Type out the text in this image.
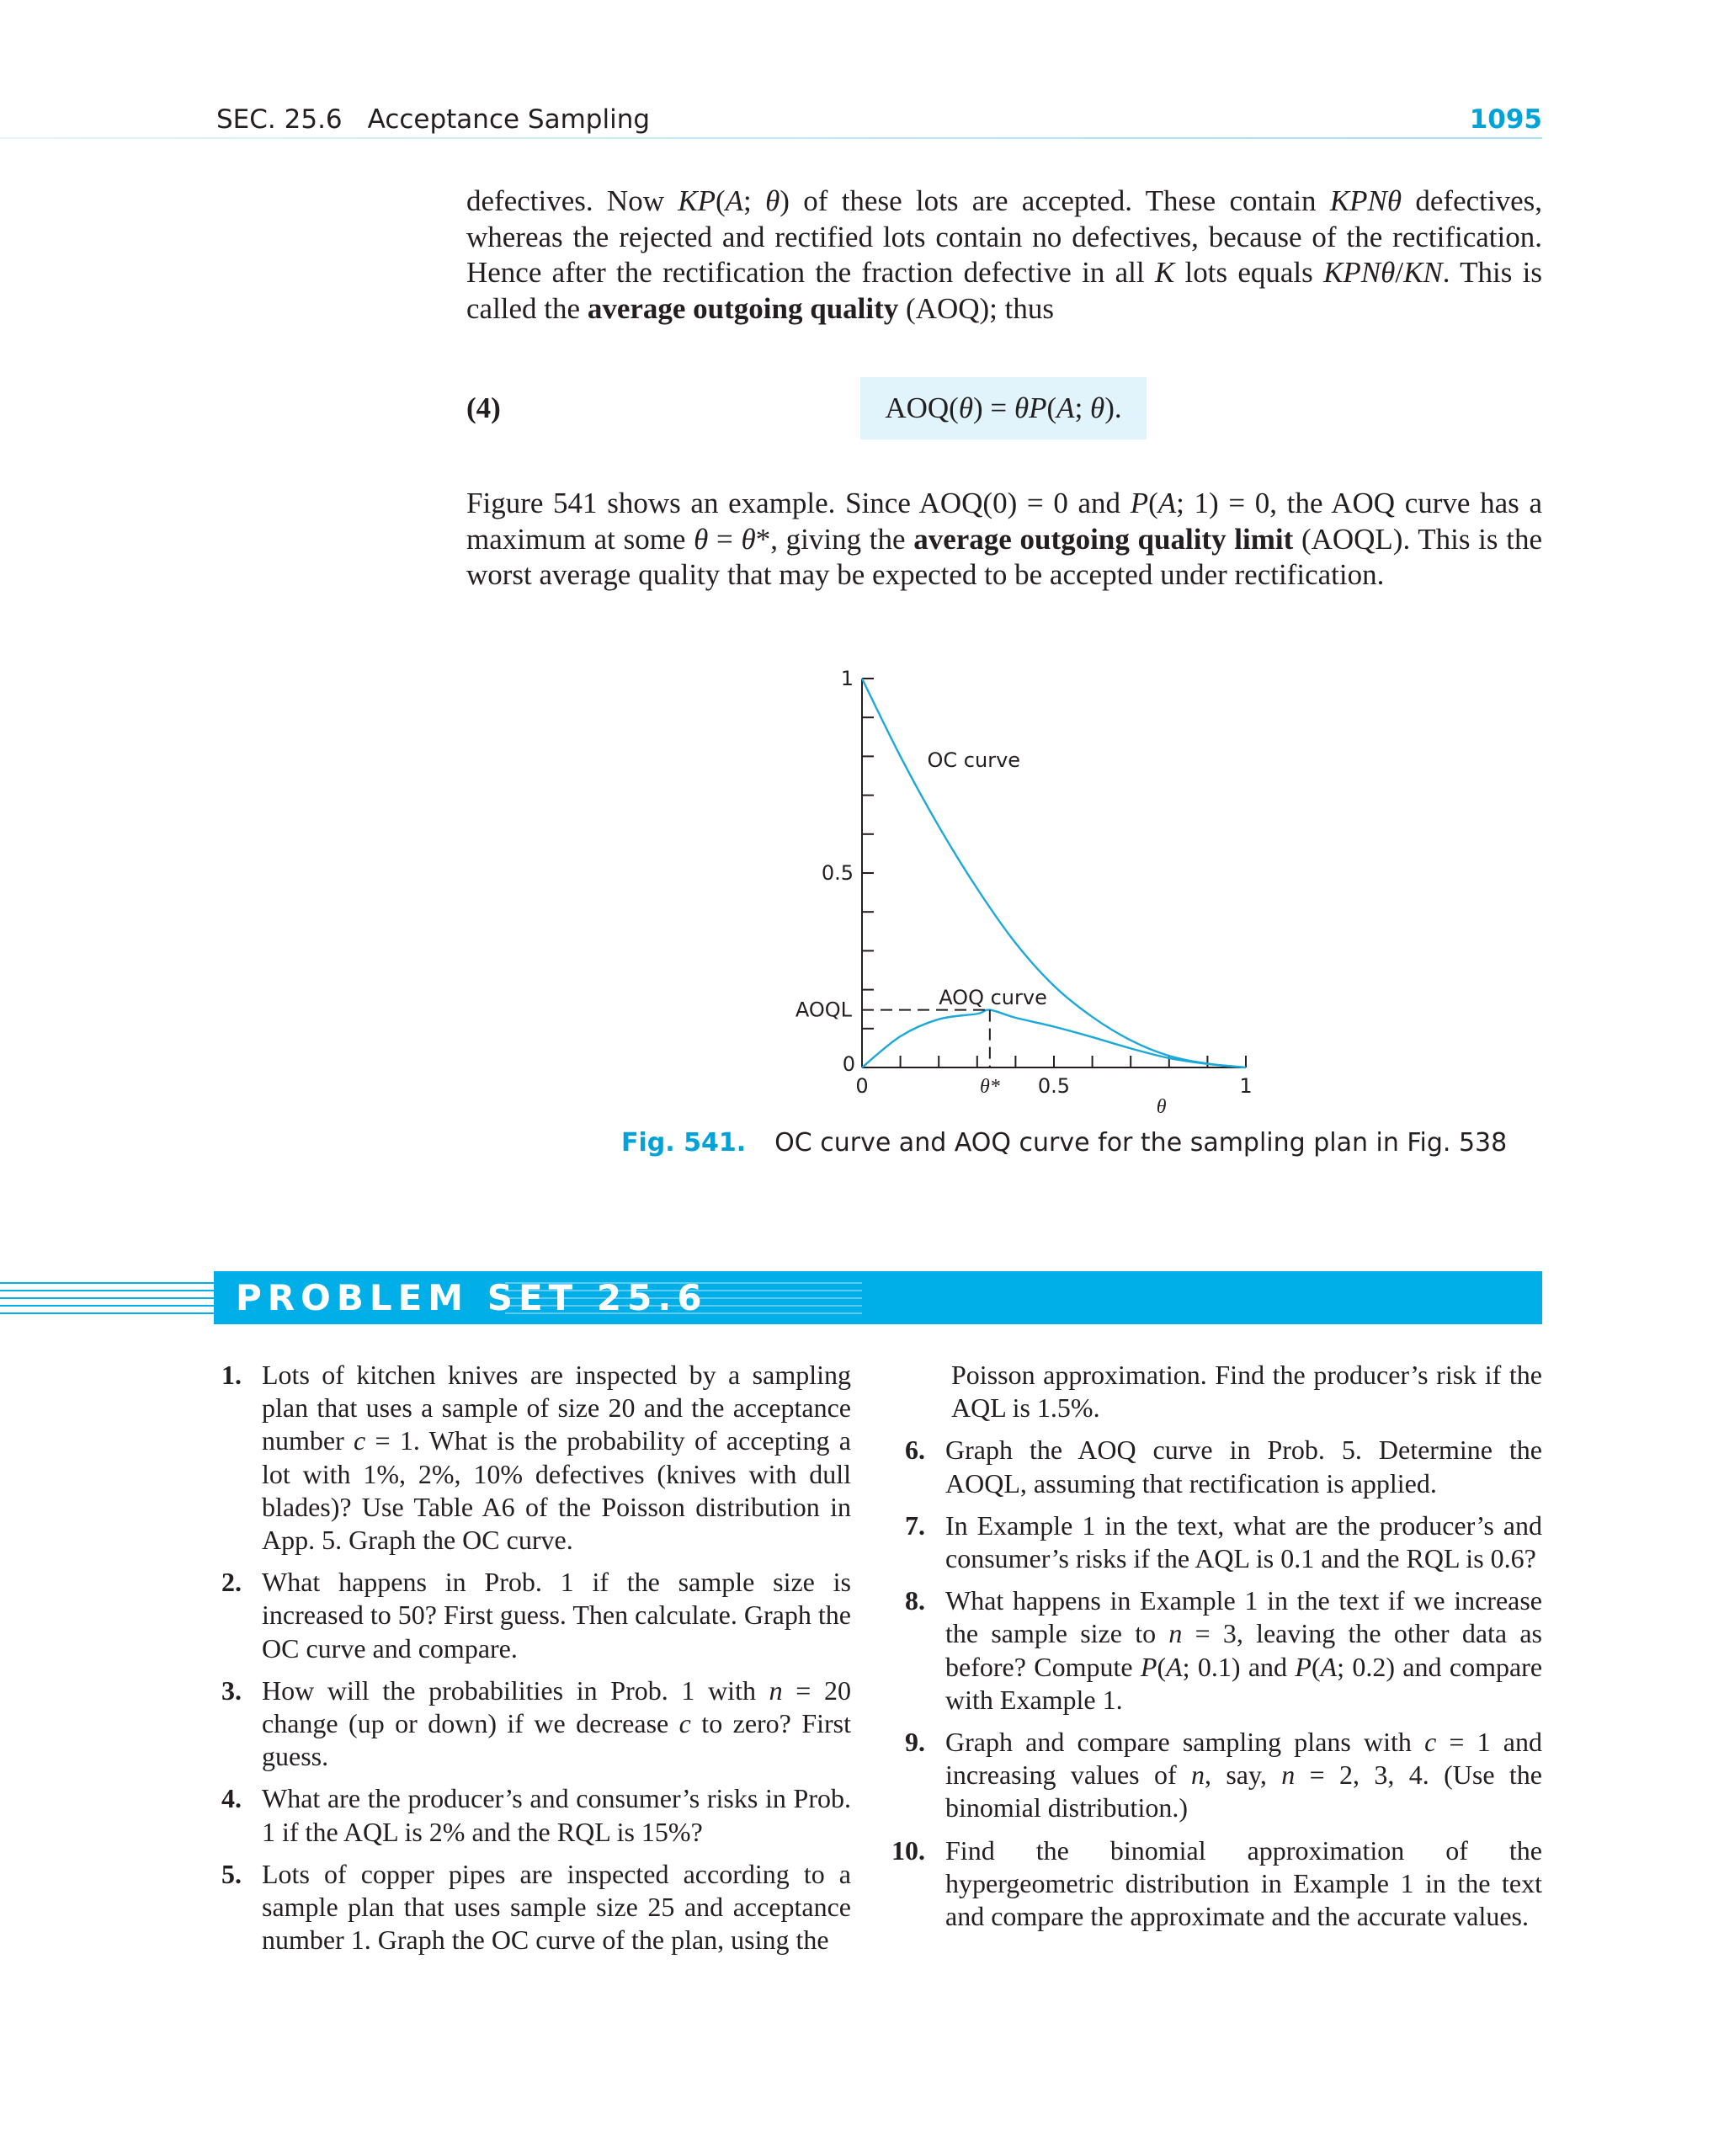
SEC. 25.6 Acceptance Sampling	1095

defectives. Now KP(A; θ) of these lots are accepted. These contain KPNθ defectives, whereas the rejected and rectified lots contain no defectives, because of the rectification. Hence after the rectification the fraction defective in all K lots equals KPNθ/KN. This is called the average outgoing quality (AOQ); thus

(4)	AOQ(θ) = θP(A; θ).

Figure 541 shows an example. Since AOQ(0) = 0 and P(A; 1) = 0, the AOQ curve has a maximum at some θ = θ*, giving the average outgoing quality limit (AOQL). This is the worst average quality that may be expected to be accepted under rectification.

1
0.5
AOQL
0
0	θ* 0.5	1
θ
OC curve
AOQ curve
Fig. 541. OC curve and AOQ curve for the sampling plan in Fig. 538
PROBLEM SET 25.6
1. Lots of kitchen knives are inspected by a sampling plan that uses a sample of size 20 and the acceptance number c = 1. What is the probability of accepting a lot with 1%, 2%, 10% defectives (knives with dull blades)? Use Table A6 of the Poisson distribution in App. 5. Graph the OC curve.
2. What happens in Prob. 1 if the sample size is increased to 50? First guess. Then calculate. Graph the OC curve and compare.
3. How will the probabilities in Prob. 1 with n = 20 change (up or down) if we decrease c to zero? First guess.
4. What are the producer’s and consumer’s risks in Prob. 1 if the AQL is 2% and the RQL is 15%?
5. Lots of copper pipes are inspected according to a sample plan that uses sample size 25 and acceptance number 1. Graph the OC curve of the plan, using the
Poisson approximation. Find the producer’s risk if the AQL is 1.5%.
6. Graph the AOQ curve in Prob. 5. Determine the AOQL, assuming that rectification is applied.
7. In Example 1 in the text, what are the producer’s and consumer’s risks if the AQL is 0.1 and the RQL is 0.6?
8. What happens in Example 1 in the text if we increase the sample size to n = 3, leaving the other data as before? Compute P(A; 0.1) and P(A; 0.2) and compare with Example 1.
9. Graph and compare sampling plans with c = 1 and increasing values of n, say, n = 2, 3, 4. (Use the binomial distribution.)
10. Find the binomial approximation of the hypergeometric distribution in Example 1 in the text and compare the approximate and the accurate values.
